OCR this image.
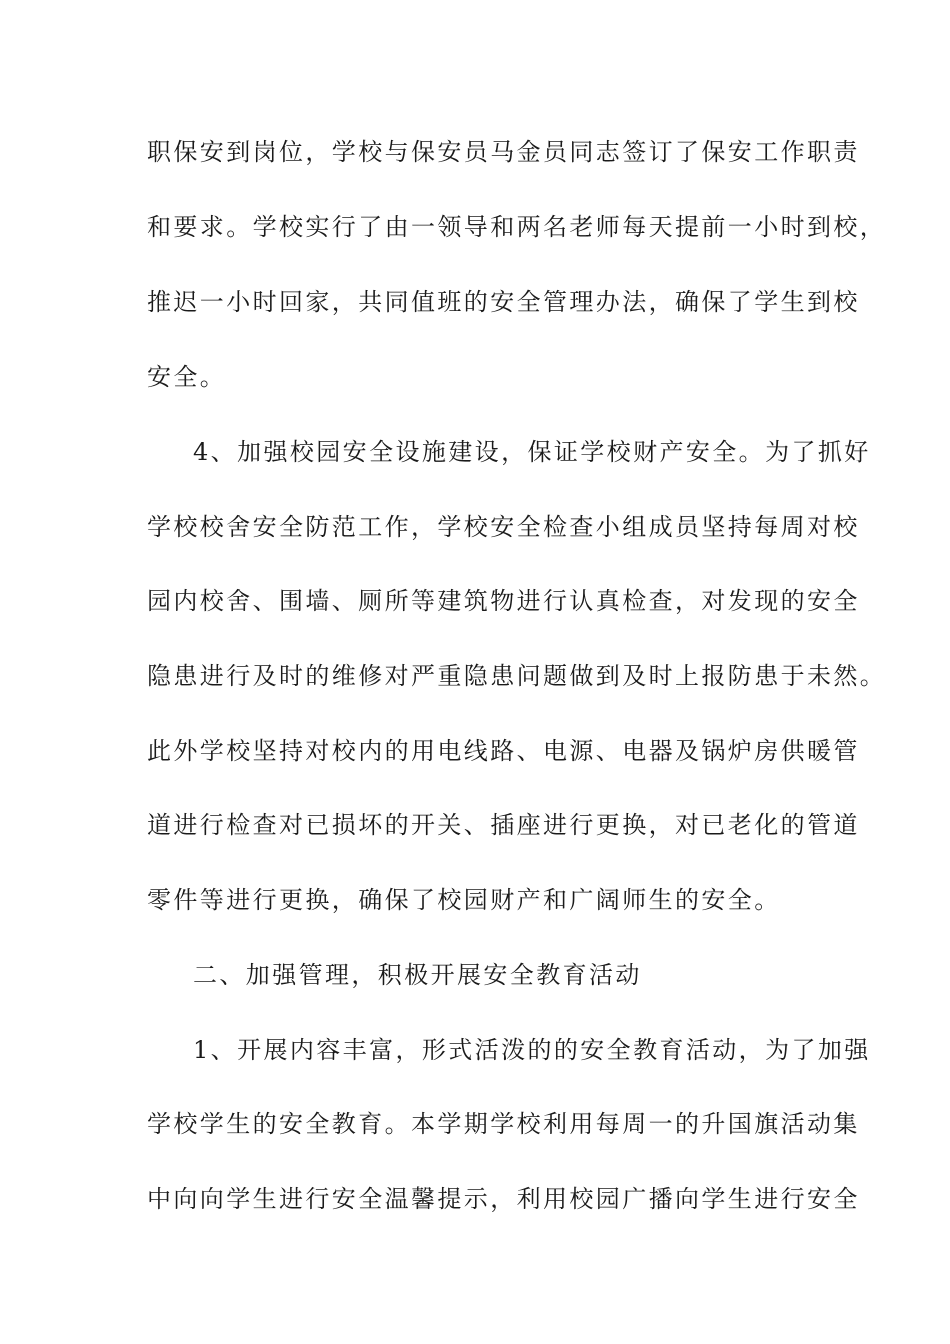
职保安到岗位，学校与保安员马金员同志签订了保安工作职责
和要求。学校实行了由一领导和两名老师每天提前一小时到校，
推迟一小时回家，共同值班的安全管理办法，确保了学生到校
安全。
4、加强校园安全设施建设，保证学校财产安全。为了抓好
学校校舍安全防范工作，学校安全检查小组成员坚持每周对校
园内校舍、围墙、厕所等建筑物进行认真检查，对发现的安全
隐患进行及时的维修对严重隐患问题做到及时上报防患于未然。
此外学校坚持对校内的用电线路、电源、电器及锅炉房供暖管
道进行检查对已损坏的开关、插座进行更换，对已老化的管道
零件等进行更换，确保了校园财产和广阔师生的安全。
二、加强管理，积极开展安全教育活动
1、开展内容丰富，形式活泼的的安全教育活动，为了加强
学校学生的安全教育。本学期学校利用每周一的升国旗活动集
中向向学生进行安全温馨提示，利用校园广播向学生进行安全
